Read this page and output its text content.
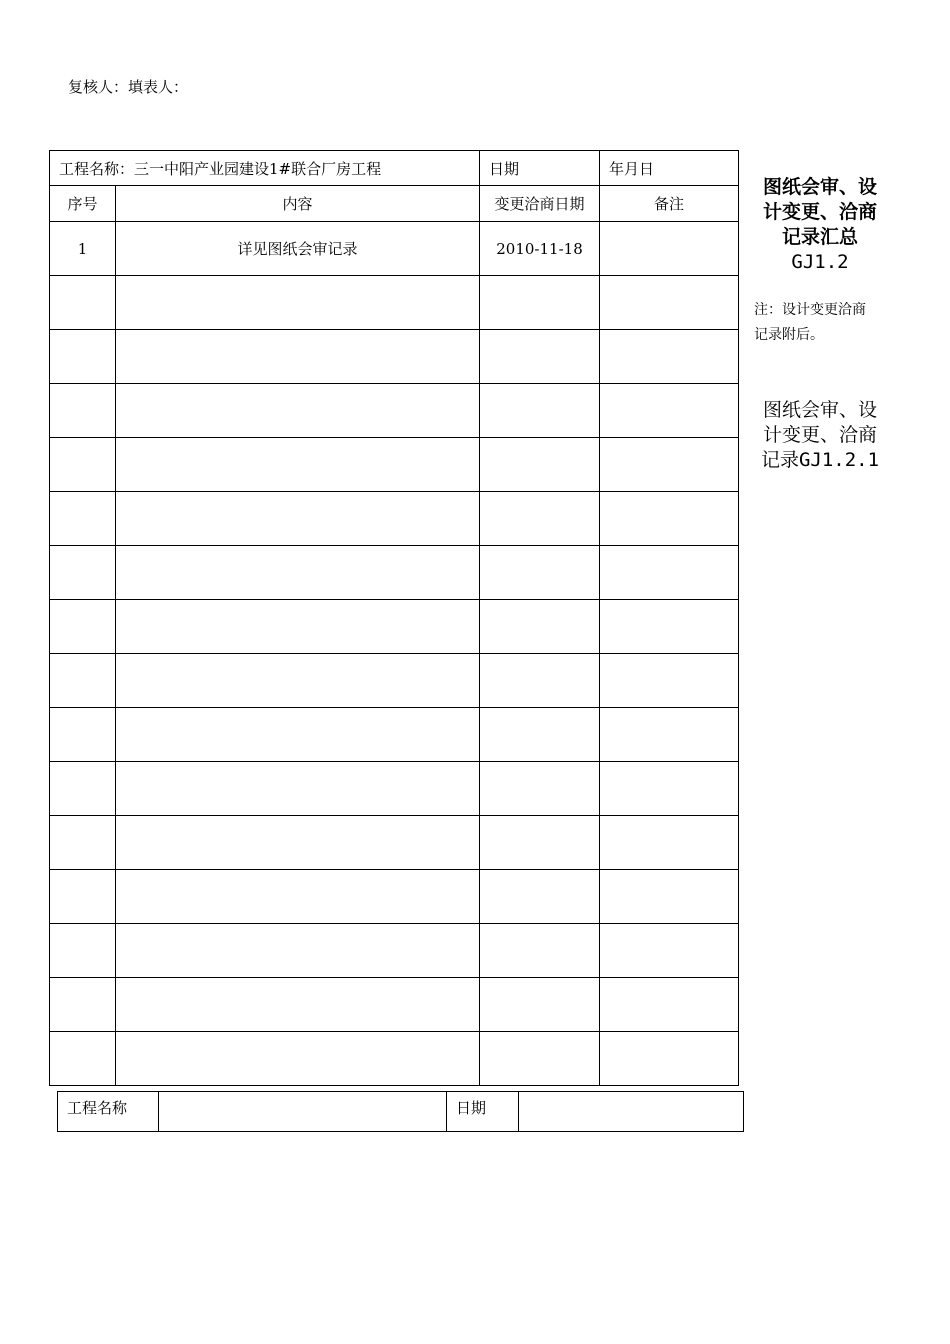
复核人：填表人：
工程名称：三一中阳产业园建设1#联合厂房工程		日期	年月日
序号	内容	变更洽商日期	备注
1	详见图纸会审记录	2010-11-18	

图纸会审、设
计变更、洽商
记录汇总
GJ1.2
注：设计变更洽商
记录附后。
图纸会审、设
计变更、洽商
记录GJ1.2.1
工程名称		日期	
